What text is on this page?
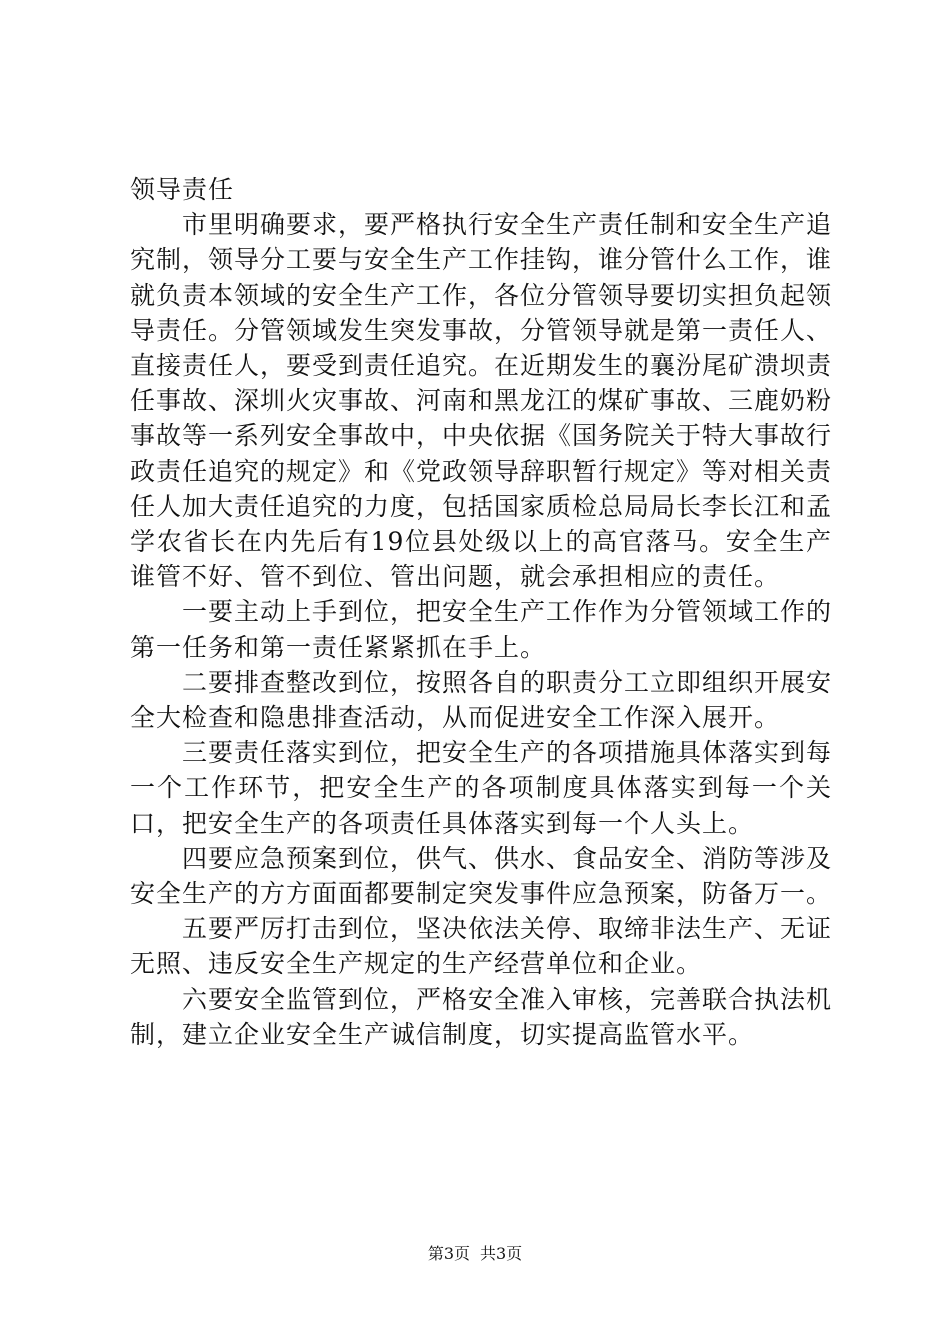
领导责任

市里明确要求，要严格执行安全生产责任制和安全生产追究制，领导分工要与安全生产工作挂钩，谁分管什么工作，谁就负责本领域的安全生产工作，各位分管领导要切实担负起领导责任。分管领域发生突发事故，分管领导就是第一责任人、直接责任人，要受到责任追究。在近期发生的襄汾尾矿溃坝责任事故、深圳火灾事故、河南和黑龙江的煤矿事故、三鹿奶粉事故等一系列安全事故中，中央依据《国务院关于特大事故行政责任追究的规定》和《党政领导辞职暂行规定》等对相关责任人加大责任追究的力度，包括国家质检总局局长李长江和孟学农省长在内先后有19位县处级以上的高官落马。安全生产谁管不好、管不到位、管出问题，就会承担相应的责任。

一要主动上手到位，把安全生产工作作为分管领域工作的第一任务和第一责任紧紧抓在手上。

二要排查整改到位，按照各自的职责分工立即组织开展安全大检查和隐患排查活动，从而促进安全工作深入展开。

三要责任落实到位，把安全生产的各项措施具体落实到每一个工作环节，把安全生产的各项制度具体落实到每一个关口，把安全生产的各项责任具体落实到每一个人头上。

四要应急预案到位，供气、供水、食品安全、消防等涉及安全生产的方方面面都要制定突发事件应急预案，防备万一。

五要严厉打击到位，坚决依法关停、取缔非法生产、无证无照、违反安全生产规定的生产经营单位和企业。

六要安全监管到位，严格安全准入审核，完善联合执法机制，建立企业安全生产诚信制度，切实提高监管水平。

第3页 共3页
